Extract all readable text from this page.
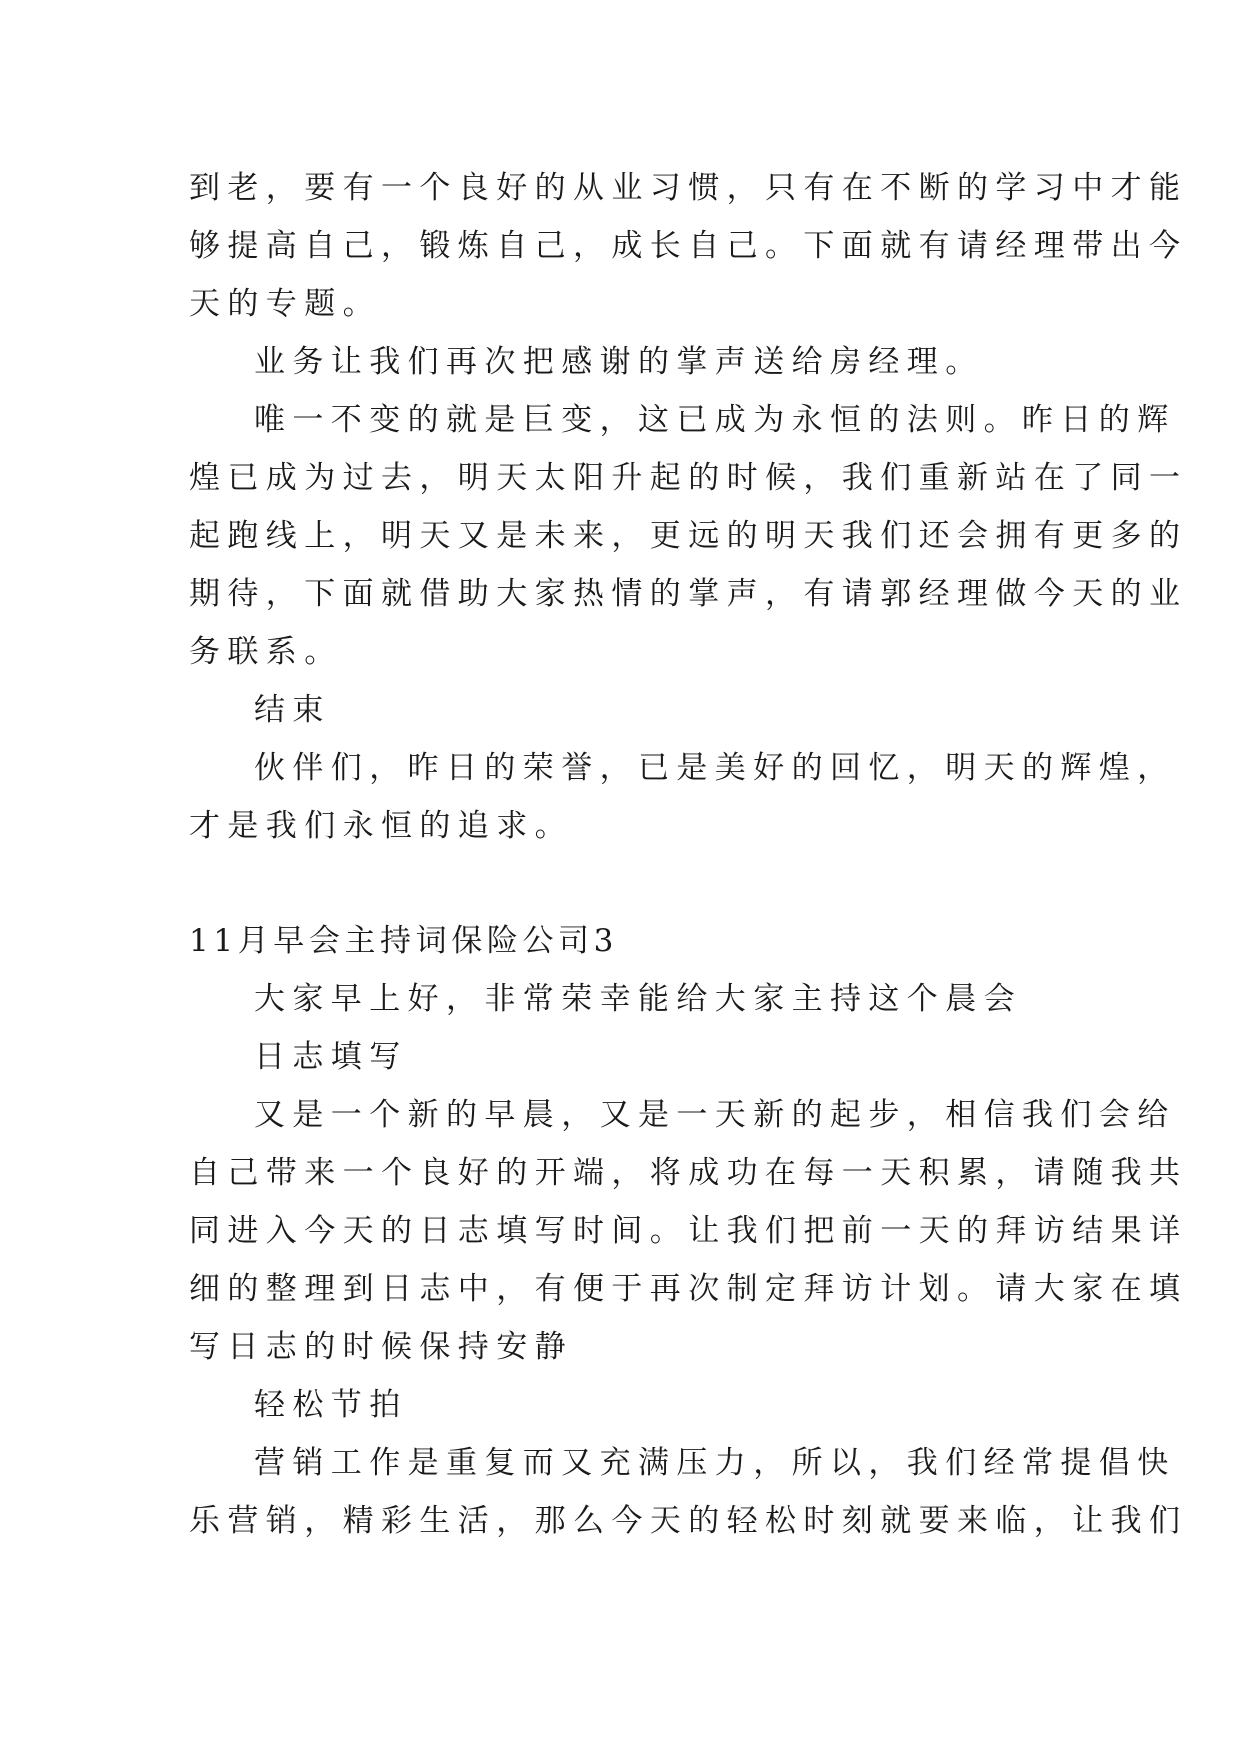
到老，要有一个良好的从业习惯，只有在不断的学习中才能

够提高自己，锻炼自己，成长自己。下面就有请经理带出今

天的专题。

业务让我们再次把感谢的掌声送给房经理。

唯一不变的就是巨变，这已成为永恒的法则。昨日的辉

煌已成为过去，明天太阳升起的时候，我们重新站在了同一

起跑线上，明天又是未来，更远的明天我们还会拥有更多的

期待，下面就借助大家热情的掌声，有请郭经理做今天的业

务联系。

结束

伙伴们，昨日的荣誉，已是美好的回忆，明天的辉煌，

才是我们永恒的追求。

11月早会主持词保险公司3

大家早上好，非常荣幸能给大家主持这个晨会

日志填写

又是一个新的早晨，又是一天新的起步，相信我们会给

自己带来一个良好的开端，将成功在每一天积累，请随我共

同进入今天的日志填写时间。让我们把前一天的拜访结果详

细的整理到日志中，有便于再次制定拜访计划。请大家在填

写日志的时候保持安静

轻松节拍

营销工作是重复而又充满压力，所以，我们经常提倡快

乐营销，精彩生活，那么今天的轻松时刻就要来临，让我们
